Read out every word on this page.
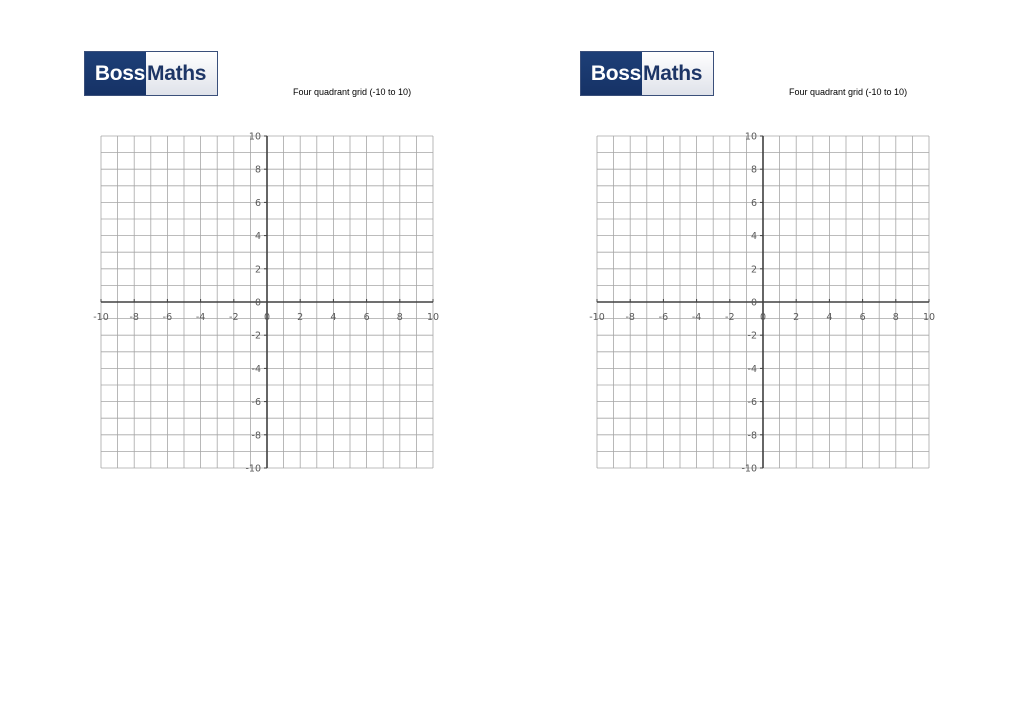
Boss Maths
Four quadrant grid (-10 to 10)
Boss Maths
Four quadrant grid (-10 to 10)
-10 -8 -6 -4 -2	0	2	4	6	8	10
-10
-8
-6
-4
-2
0
2
4
6
8
10
-10 -8 -6 -4 -2	0	2	4	6	8	10
-10
-8
-6
-4
-2
0
2
4
6
8
10
